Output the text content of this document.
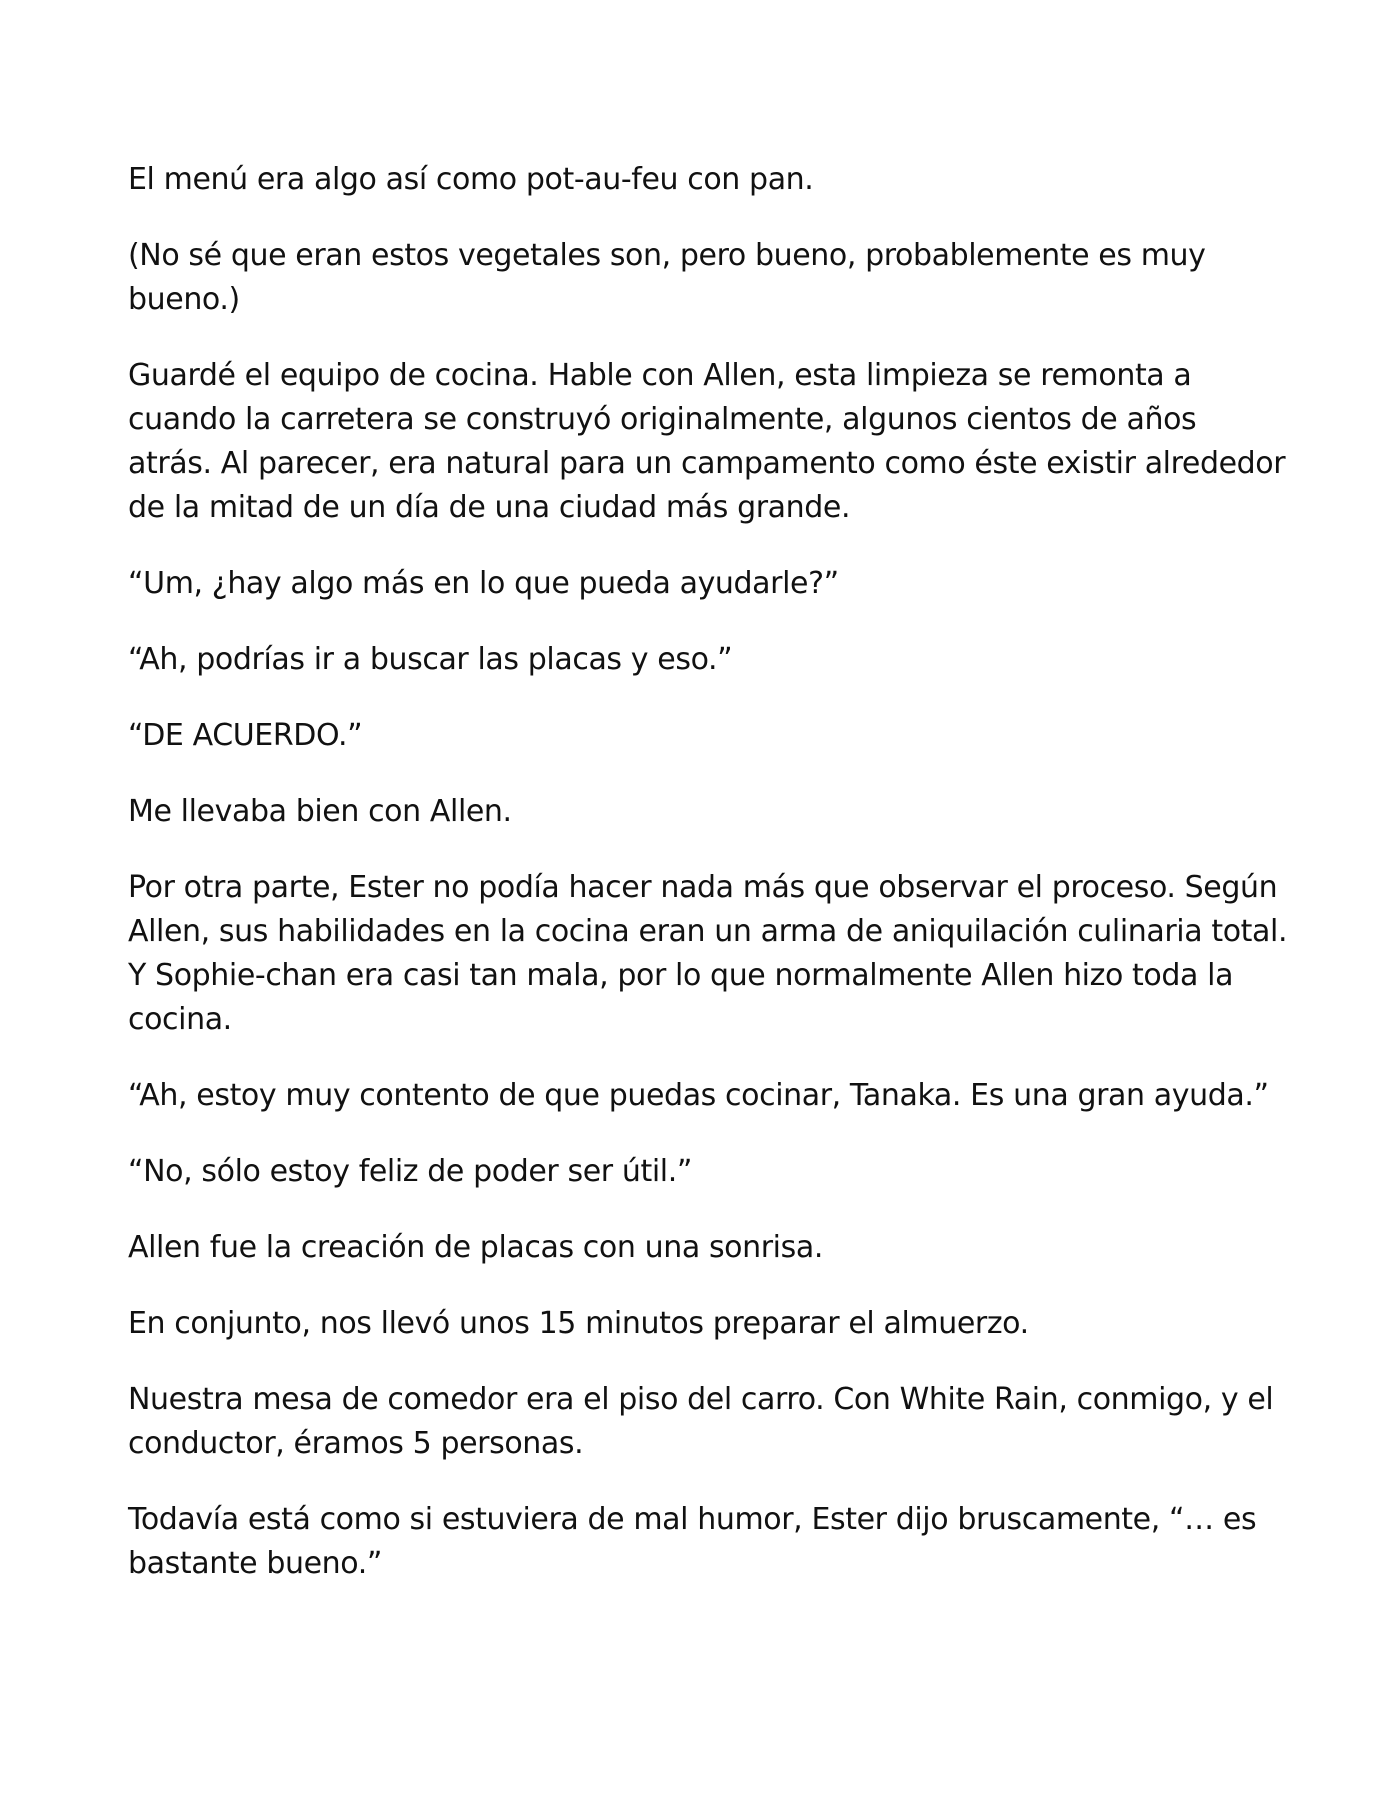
El menú era algo así como pot-au-feu con pan.

(No sé que eran estos vegetales son, pero bueno, probablemente es muy bueno.)

Guardé el equipo de cocina. Hable con Allen, esta limpieza se remonta a cuando la carretera se construyó originalmente, algunos cientos de años atrás. Al parecer, era natural para un campamento como éste existir alrededor de la mitad de un día de una ciudad más grande.

“Um, ¿hay algo más en lo que pueda ayudarle?”

“Ah, podrías ir a buscar las placas y eso.”

“DE ACUERDO.”

Me llevaba bien con Allen.

Por otra parte, Ester no podía hacer nada más que observar el proceso. Según Allen, sus habilidades en la cocina eran un arma de aniquilación culinaria total. Y Sophie-chan era casi tan mala, por lo que normalmente Allen hizo toda la cocina.

“Ah, estoy muy contento de que puedas cocinar, Tanaka. Es una gran ayuda.”

“No, sólo estoy feliz de poder ser útil.”

Allen fue la creación de placas con una sonrisa.

En conjunto, nos llevó unos 15 minutos preparar el almuerzo.

Nuestra mesa de comedor era el piso del carro. Con White Rain, conmigo, y el conductor, éramos 5 personas.

Todavía está como si estuviera de mal humor, Ester dijo bruscamente, “… es bastante bueno.”
